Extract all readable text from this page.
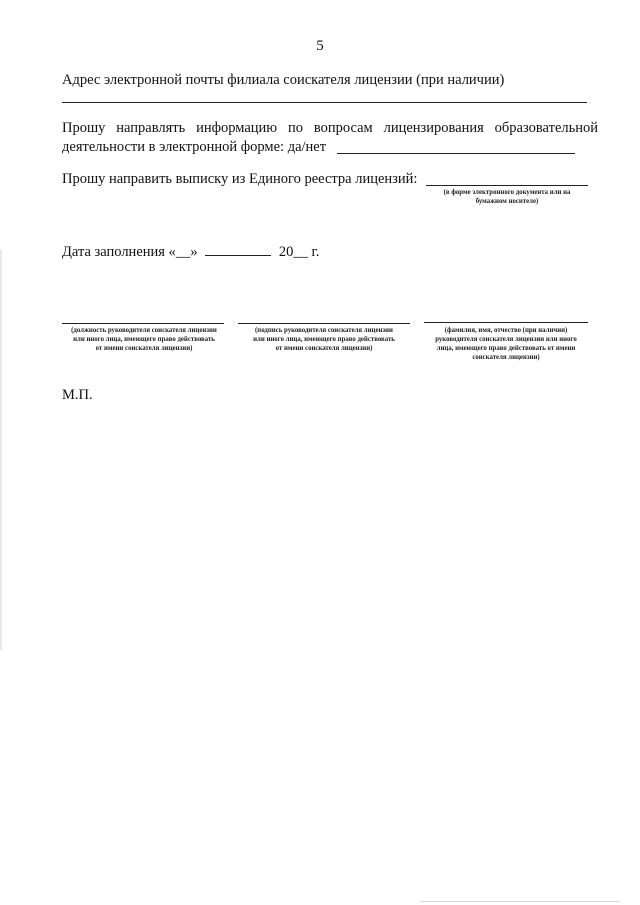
5
Адрес электронной почты филиала соискателя лицензии (при наличии)
Прошу направлять информацию по вопросам лицензирования образовательной
деятельности в электронной форме: да/нет
Прошу направить выписку из Единого реестра лицензий:
(в форме электронного документа или на
бумажном носителе)
Дата заполнения «__»	20__ г.
(должность руководителя соискателя лицензии
или иного лица, имеющего право действовать
от имени соискателя лицензии)
(подпись руководителя соискателя лицензии
или иного лица, имеющего право действовать
от имени соискателя лицензии)
(фамилия, имя, отчество (при наличии)
руководителя соискателя лицензии или иного
лица, имеющего право действовать от имени
соискателя лицензии)
М.П.
